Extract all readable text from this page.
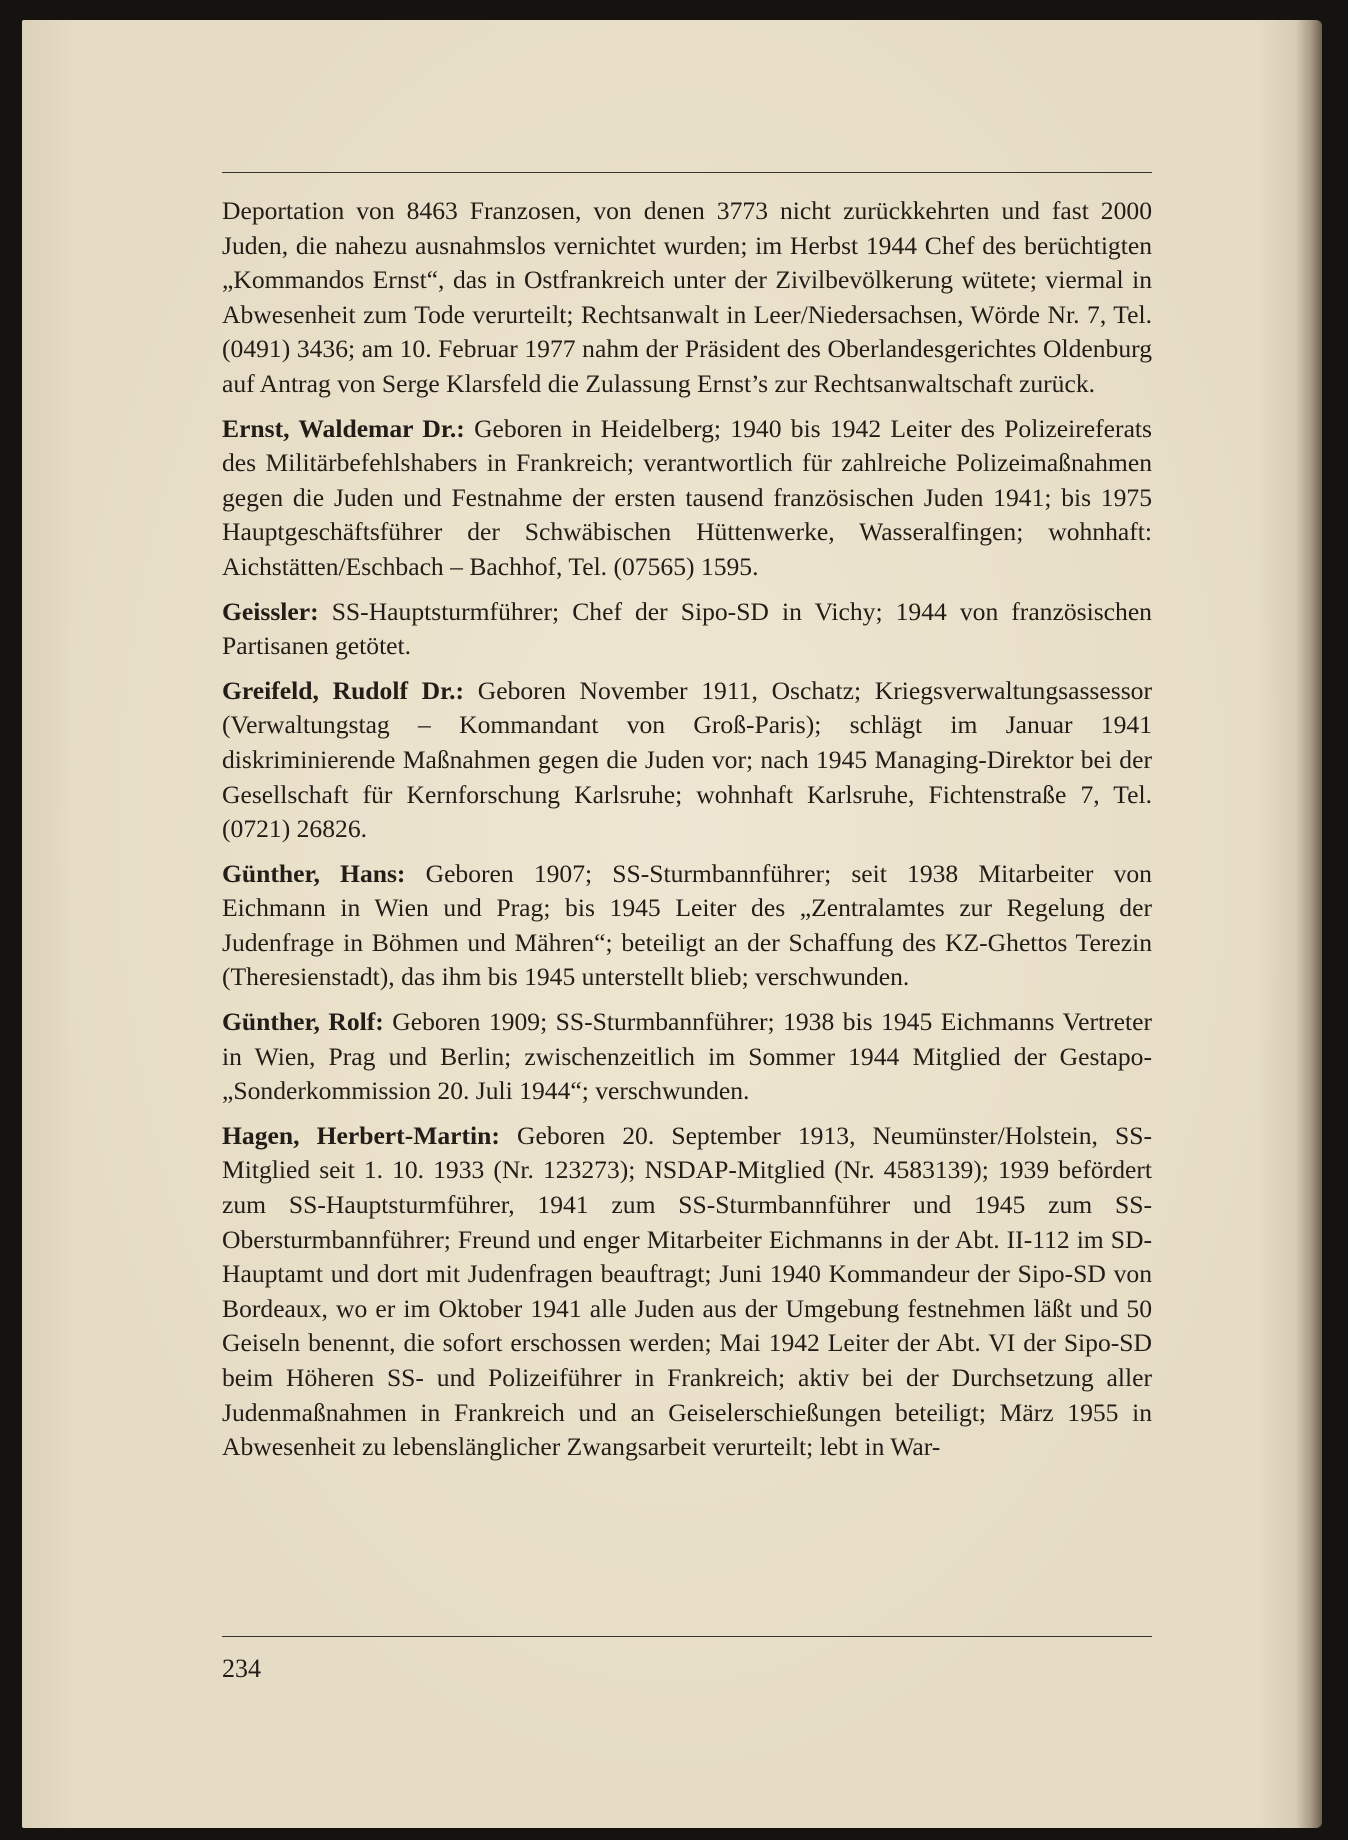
Deportation von 8463 Franzosen, von denen 3773 nicht zurückkehrten und fast 2000 Juden, die nahezu ausnahmslos vernichtet wurden; im Herbst 1944 Chef des berüchtigten „Kommandos Ernst“, das in Ostfrankreich unter der Zivilbevölkerung wütete; viermal in Abwesenheit zum Tode verurteilt; Rechtsanwalt in Leer/Niedersachsen, Wörde Nr. 7, Tel. (0491) 3436; am 10. Februar 1977 nahm der Präsident des Oberlandesgerichtes Oldenburg auf Antrag von Serge Klarsfeld die Zulassung Ernst’s zur Rechtsanwaltschaft zurück.

Ernst, Waldemar Dr.: Geboren in Heidelberg; 1940 bis 1942 Leiter des Polizeireferats des Militärbefehlshabers in Frankreich; verantwortlich für zahlreiche Polizeimaßnahmen gegen die Juden und Festnahme der ersten tausend französischen Juden 1941; bis 1975 Hauptgeschäftsführer der Schwäbischen Hüttenwerke, Wasseralfingen; wohnhaft: Aichstätten/Eschbach – Bachhof, Tel. (07565) 1595.

Geissler: SS-Hauptsturmführer; Chef der Sipo-SD in Vichy; 1944 von französischen Partisanen getötet.

Greifeld, Rudolf Dr.: Geboren November 1911, Oschatz; Kriegsverwaltungsassessor (Verwaltungstag – Kommandant von Groß-Paris); schlägt im Januar 1941 diskriminierende Maßnahmen gegen die Juden vor; nach 1945 Managing-Direktor bei der Gesellschaft für Kernforschung Karlsruhe; wohnhaft Karlsruhe, Fichtenstraße 7, Tel. (0721) 26826.

Günther, Hans: Geboren 1907; SS-Sturmbannführer; seit 1938 Mitarbeiter von Eichmann in Wien und Prag; bis 1945 Leiter des „Zentralamtes zur Regelung der Judenfrage in Böhmen und Mähren“; beteiligt an der Schaffung des KZ-Ghettos Terezin (Theresienstadt), das ihm bis 1945 unterstellt blieb; verschwunden.

Günther, Rolf: Geboren 1909; SS-Sturmbannführer; 1938 bis 1945 Eichmanns Vertreter in Wien, Prag und Berlin; zwischenzeitlich im Sommer 1944 Mitglied der Gestapo-„Sonderkommission 20. Juli 1944“; verschwunden.

Hagen, Herbert-Martin: Geboren 20. September 1913, Neumünster/Holstein, SS-Mitglied seit 1. 10. 1933 (Nr. 123273); NSDAP-Mitglied (Nr. 4583139); 1939 befördert zum SS-Hauptsturmführer, 1941 zum SS-Sturmbannführer und 1945 zum SS-Obersturmbannführer; Freund und enger Mitarbeiter Eichmanns in der Abt. II-112 im SD-Hauptamt und dort mit Judenfragen beauftragt; Juni 1940 Kommandeur der Sipo-SD von Bordeaux, wo er im Oktober 1941 alle Juden aus der Umgebung festnehmen läßt und 50 Geiseln benennt, die sofort erschossen werden; Mai 1942 Leiter der Abt. VI der Sipo-SD beim Höheren SS- und Polizeiführer in Frankreich; aktiv bei der Durchsetzung aller Judenmaßnahmen in Frankreich und an Geiselerschießungen beteiligt; März 1955 in Abwesenheit zu lebenslänglicher Zwangsarbeit verurteilt; lebt in War-

234
